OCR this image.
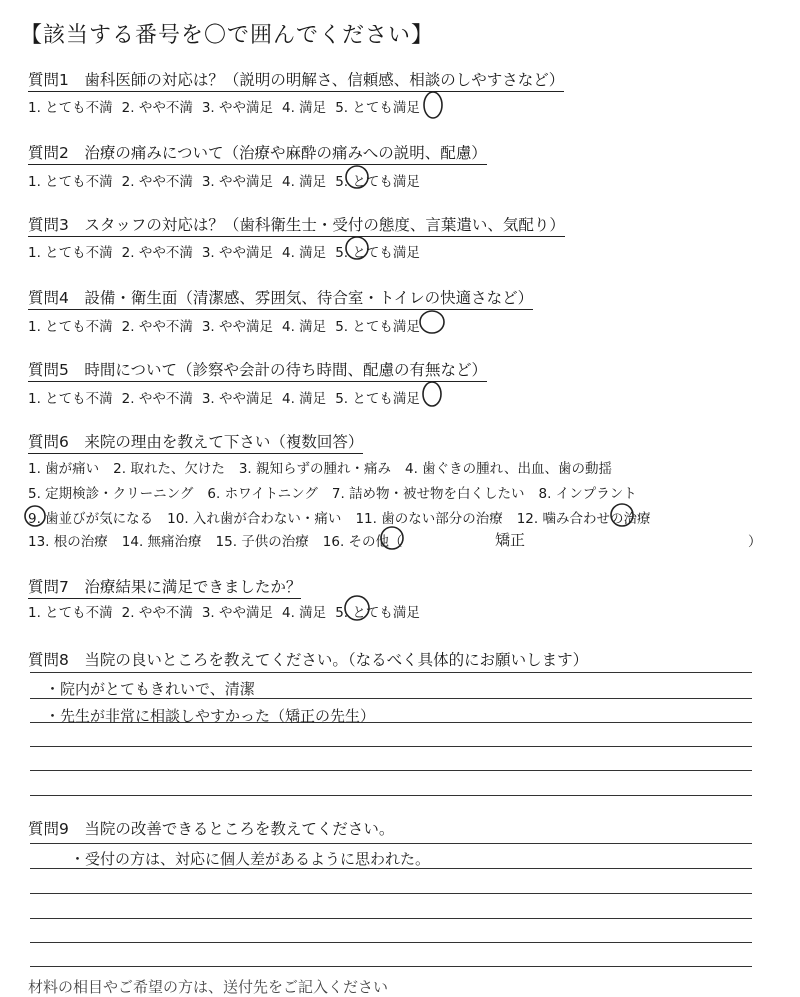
【該当する番号を〇で囲んでください】
質問1　歯科医師の対応は？（説明の明解さ、信頼感、相談のしやすさなど）
1. とても不満 2. やや不満 3. やや満足 4. 満足 5. とても満足
質問2　治療の痛みについて（治療や麻酔の痛みへの説明、配慮）
1. とても不満 2. やや不満 3. やや満足 4. 満足 5. とても満足
質問3　スタッフの対応は？（歯科衛生士・受付の態度、言葉遣い、気配り）
1. とても不満 2. やや不満 3. やや満足 4. 満足 5. とても満足
質問4　設備・衛生面（清潔感、雰囲気、待合室・トイレの快適さなど）
1. とても不満 2. やや不満 3. やや満足 4. 満足 5. とても満足
質問5　時間について（診察や会計の待ち時間、配慮の有無など）
1. とても不満 2. やや不満 3. やや満足 4. 満足 5. とても満足
質問6　来院の理由を教えて下さい（複数回答）
1. 歯が痛い 2. 取れた、欠けた 3. 親知らずの腫れ・痛み 4. 歯ぐきの腫れ、出血、歯の動揺
5. 定期検診・クリーニング 6. ホワイトニング 7. 詰め物・被せ物を白くしたい 8. インプラント
9. 歯並びが気になる 10. 入れ歯が合わない・痛い 11. 歯のない部分の治療 12. 噛み合わせの治療
13. 根の治療 14. 無痛治療 15. 子供の治療 16. その他（	矯正	）
質問7　治療結果に満足できましたか？
1. とても不満 2. やや不満 3. やや満足 4. 満足 5. とても満足
質問8　当院の良いところを教えてください。（なるべく具体的にお願いします）
・院内がとてもきれいで、清潔
・先生が非常に相談しやすかった（矯正の先生）
質問9　当院の改善できるところを教えてください。
・受付の方は、対応に個人差があるように思われた。
材料の相目やご希望の方は、送付先をご記入ください
